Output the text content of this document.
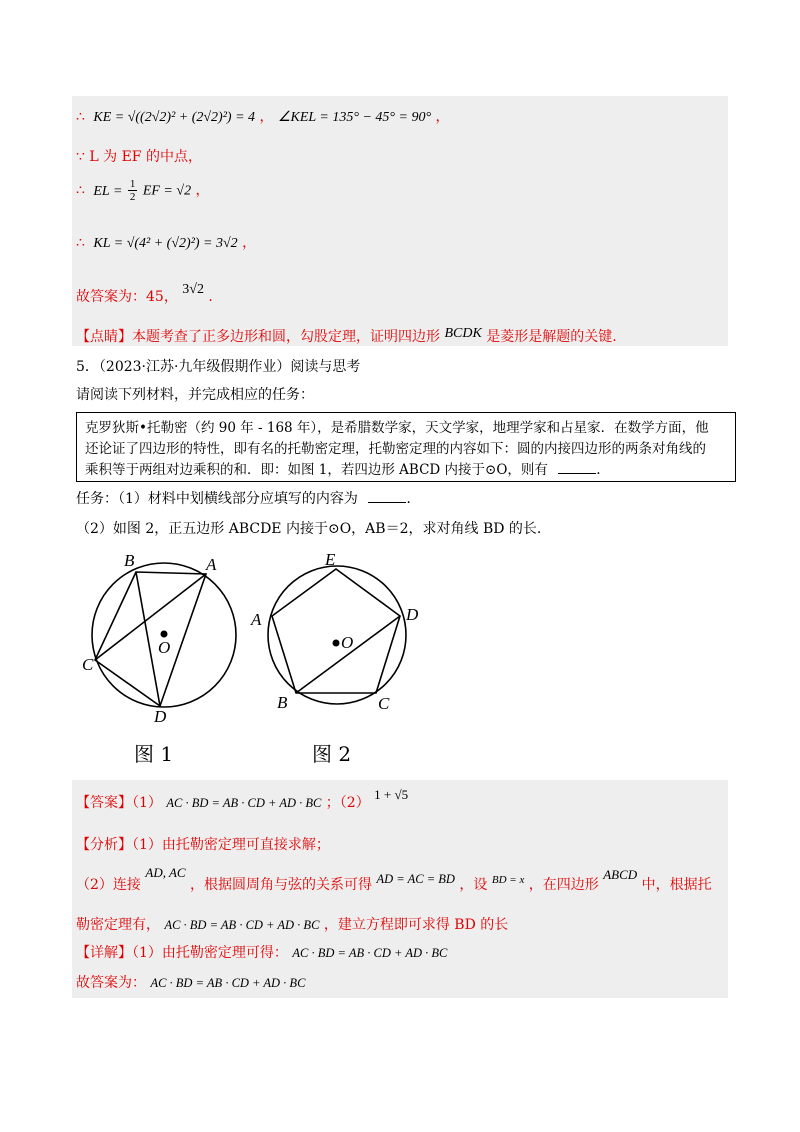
∴ KE = √((2√2)² + (2√2)²) = 4 ， ∠KEL = 135° − 45° = 90° ，
∵ L 为 EF 的中点，
∴ EL = $\frac{1}{2}$ EF = √2 ，
∴ KL = √(4² + (√2)²) = 3√2 ，
故答案为：45， 3√2 .
【点睛】本题考查了正多边形和圆，勾股定理，证明四边形 BCDK 是菱形是解题的关键.
5．（2023·江苏·九年级假期作业）阅读与思考
请阅读下列材料，并完成相应的任务：
克罗狄斯•托勒密（约 90 年 - 168 年），是希腊数学家，天文学家，地理学家和占星家．在数学方面，他
还论证了四边形的特性，即有名的托勒密定理，托勒密定理的内容如下：圆的内接四边形的两条对角线的
乘积等于两组对边乘积的和．即：如图 1，若四边形 ABCD 内接于⊙O，则有	.
任务：（1）材料中划横线部分应填写的内容为	.
（2）如图 2，正五边形 ABCDE 内接于⊙O，AB＝2，求对角线 BD 的长.
B	A
C
D
O
E
D
A
B	C
O
图 1	图 2
【答案】（1） AC · BD = AB · CD + AD · BC ；（2） 1 + √5
【分析】（1）由托勒密定理可直接求解；
（2）连接 AD, AC ，根据圆周角与弦的关系可得 AD = AC = BD ，设 $^{BD = x}$ ，在四边形 ABCD 中，根据托
勒密定理有， AC · BD = AB · CD + AD · BC ，建立方程即可求得 BD 的长
【详解】（1）由托勒密定理可得： AC · BD = AB · CD + AD · BC
故答案为： AC · BD = AB · CD + AD · BC
